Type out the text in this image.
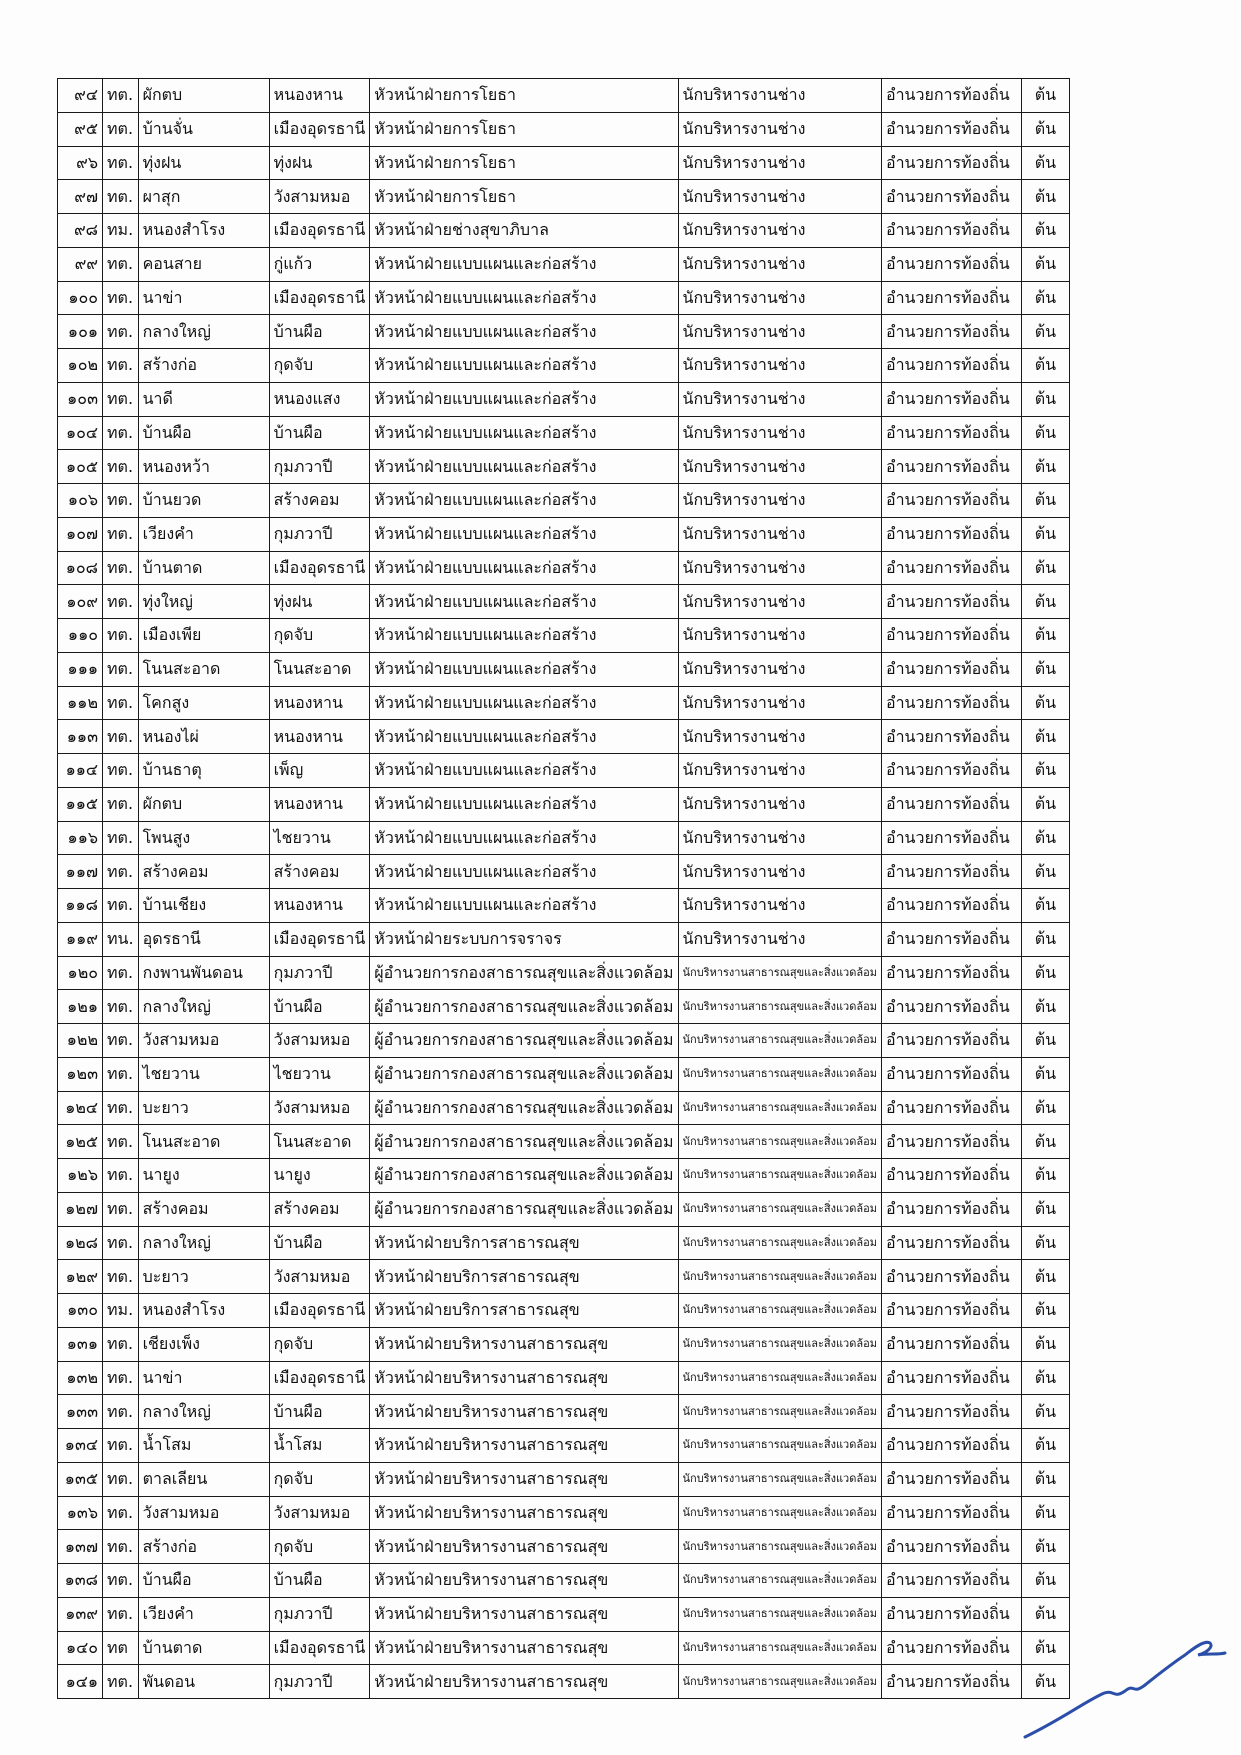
๙๔	ทต.	ผักตบ	หนองหาน	หัวหน้าฝ่ายการโยธา	นักบริหารงานช่าง	อำนวยการท้องถิ่น	ต้น
๙๕	ทต.	บ้านจั่น	เมืองอุดรธานี	หัวหน้าฝ่ายการโยธา	นักบริหารงานช่าง	อำนวยการท้องถิ่น	ต้น
๙๖	ทต.	ทุ่งฝน	ทุ่งฝน	หัวหน้าฝ่ายการโยธา	นักบริหารงานช่าง	อำนวยการท้องถิ่น	ต้น
๙๗	ทต.	ผาสุก	วังสามหมอ	หัวหน้าฝ่ายการโยธา	นักบริหารงานช่าง	อำนวยการท้องถิ่น	ต้น
๙๘	ทม.	หนองสำโรง	เมืองอุดรธานี	หัวหน้าฝ่ายช่างสุขาภิบาล	นักบริหารงานช่าง	อำนวยการท้องถิ่น	ต้น
๙๙	ทต.	คอนสาย	กู่แก้ว	หัวหน้าฝ่ายแบบแผนและก่อสร้าง	นักบริหารงานช่าง	อำนวยการท้องถิ่น	ต้น
๑๐๐	ทต.	นาข่า	เมืองอุดรธานี	หัวหน้าฝ่ายแบบแผนและก่อสร้าง	นักบริหารงานช่าง	อำนวยการท้องถิ่น	ต้น
๑๐๑	ทต.	กลางใหญ่	บ้านผือ	หัวหน้าฝ่ายแบบแผนและก่อสร้าง	นักบริหารงานช่าง	อำนวยการท้องถิ่น	ต้น
๑๐๒	ทต.	สร้างก่อ	กุดจับ	หัวหน้าฝ่ายแบบแผนและก่อสร้าง	นักบริหารงานช่าง	อำนวยการท้องถิ่น	ต้น
๑๐๓	ทต.	นาดี	หนองแสง	หัวหน้าฝ่ายแบบแผนและก่อสร้าง	นักบริหารงานช่าง	อำนวยการท้องถิ่น	ต้น
๑๐๔	ทต.	บ้านผือ	บ้านผือ	หัวหน้าฝ่ายแบบแผนและก่อสร้าง	นักบริหารงานช่าง	อำนวยการท้องถิ่น	ต้น
๑๐๕	ทต.	หนองหว้า	กุมภวาปี	หัวหน้าฝ่ายแบบแผนและก่อสร้าง	นักบริหารงานช่าง	อำนวยการท้องถิ่น	ต้น
๑๐๖	ทต.	บ้านยวด	สร้างคอม	หัวหน้าฝ่ายแบบแผนและก่อสร้าง	นักบริหารงานช่าง	อำนวยการท้องถิ่น	ต้น
๑๐๗	ทต.	เวียงคำ	กุมภวาปี	หัวหน้าฝ่ายแบบแผนและก่อสร้าง	นักบริหารงานช่าง	อำนวยการท้องถิ่น	ต้น
๑๐๘	ทต.	บ้านตาด	เมืองอุดรธานี	หัวหน้าฝ่ายแบบแผนและก่อสร้าง	นักบริหารงานช่าง	อำนวยการท้องถิ่น	ต้น
๑๐๙	ทต.	ทุ่งใหญ่	ทุ่งฝน	หัวหน้าฝ่ายแบบแผนและก่อสร้าง	นักบริหารงานช่าง	อำนวยการท้องถิ่น	ต้น
๑๑๐	ทต.	เมืองเพีย	กุดจับ	หัวหน้าฝ่ายแบบแผนและก่อสร้าง	นักบริหารงานช่าง	อำนวยการท้องถิ่น	ต้น
๑๑๑	ทต.	โนนสะอาด	โนนสะอาด	หัวหน้าฝ่ายแบบแผนและก่อสร้าง	นักบริหารงานช่าง	อำนวยการท้องถิ่น	ต้น
๑๑๒	ทต.	โคกสูง	หนองหาน	หัวหน้าฝ่ายแบบแผนและก่อสร้าง	นักบริหารงานช่าง	อำนวยการท้องถิ่น	ต้น
๑๑๓	ทต.	หนองไผ่	หนองหาน	หัวหน้าฝ่ายแบบแผนและก่อสร้าง	นักบริหารงานช่าง	อำนวยการท้องถิ่น	ต้น
๑๑๔	ทต.	บ้านธาตุ	เพ็ญ	หัวหน้าฝ่ายแบบแผนและก่อสร้าง	นักบริหารงานช่าง	อำนวยการท้องถิ่น	ต้น
๑๑๕	ทต.	ผักตบ	หนองหาน	หัวหน้าฝ่ายแบบแผนและก่อสร้าง	นักบริหารงานช่าง	อำนวยการท้องถิ่น	ต้น
๑๑๖	ทต.	โพนสูง	ไชยวาน	หัวหน้าฝ่ายแบบแผนและก่อสร้าง	นักบริหารงานช่าง	อำนวยการท้องถิ่น	ต้น
๑๑๗	ทต.	สร้างคอม	สร้างคอม	หัวหน้าฝ่ายแบบแผนและก่อสร้าง	นักบริหารงานช่าง	อำนวยการท้องถิ่น	ต้น
๑๑๘	ทต.	บ้านเชียง	หนองหาน	หัวหน้าฝ่ายแบบแผนและก่อสร้าง	นักบริหารงานช่าง	อำนวยการท้องถิ่น	ต้น
๑๑๙	ทน.	อุดรธานี	เมืองอุดรธานี	หัวหน้าฝ่ายระบบการจราจร	นักบริหารงานช่าง	อำนวยการท้องถิ่น	ต้น
๑๒๐	ทต.	กงพานพันดอน	กุมภวาปี	ผู้อำนวยการกองสาธารณสุขและสิ่งแวดล้อม	นักบริหารงานสาธารณสุขและสิ่งแวดล้อม	อำนวยการท้องถิ่น	ต้น
๑๒๑	ทต.	กลางใหญ่	บ้านผือ	ผู้อำนวยการกองสาธารณสุขและสิ่งแวดล้อม	นักบริหารงานสาธารณสุขและสิ่งแวดล้อม	อำนวยการท้องถิ่น	ต้น
๑๒๒	ทต.	วังสามหมอ	วังสามหมอ	ผู้อำนวยการกองสาธารณสุขและสิ่งแวดล้อม	นักบริหารงานสาธารณสุขและสิ่งแวดล้อม	อำนวยการท้องถิ่น	ต้น
๑๒๓	ทต.	ไชยวาน	ไชยวาน	ผู้อำนวยการกองสาธารณสุขและสิ่งแวดล้อม	นักบริหารงานสาธารณสุขและสิ่งแวดล้อม	อำนวยการท้องถิ่น	ต้น
๑๒๔	ทต.	บะยาว	วังสามหมอ	ผู้อำนวยการกองสาธารณสุขและสิ่งแวดล้อม	นักบริหารงานสาธารณสุขและสิ่งแวดล้อม	อำนวยการท้องถิ่น	ต้น
๑๒๕	ทต.	โนนสะอาด	โนนสะอาด	ผู้อำนวยการกองสาธารณสุขและสิ่งแวดล้อม	นักบริหารงานสาธารณสุขและสิ่งแวดล้อม	อำนวยการท้องถิ่น	ต้น
๑๒๖	ทต.	นายูง	นายูง	ผู้อำนวยการกองสาธารณสุขและสิ่งแวดล้อม	นักบริหารงานสาธารณสุขและสิ่งแวดล้อม	อำนวยการท้องถิ่น	ต้น
๑๒๗	ทต.	สร้างคอม	สร้างคอม	ผู้อำนวยการกองสาธารณสุขและสิ่งแวดล้อม	นักบริหารงานสาธารณสุขและสิ่งแวดล้อม	อำนวยการท้องถิ่น	ต้น
๑๒๘	ทต.	กลางใหญ่	บ้านผือ	หัวหน้าฝ่ายบริการสาธารณสุข	นักบริหารงานสาธารณสุขและสิ่งแวดล้อม	อำนวยการท้องถิ่น	ต้น
๑๒๙	ทต.	บะยาว	วังสามหมอ	หัวหน้าฝ่ายบริการสาธารณสุข	นักบริหารงานสาธารณสุขและสิ่งแวดล้อม	อำนวยการท้องถิ่น	ต้น
๑๓๐	ทม.	หนองสำโรง	เมืองอุดรธานี	หัวหน้าฝ่ายบริการสาธารณสุข	นักบริหารงานสาธารณสุขและสิ่งแวดล้อม	อำนวยการท้องถิ่น	ต้น
๑๓๑	ทต.	เชียงเพ็ง	กุดจับ	หัวหน้าฝ่ายบริหารงานสาธารณสุข	นักบริหารงานสาธารณสุขและสิ่งแวดล้อม	อำนวยการท้องถิ่น	ต้น
๑๓๒	ทต.	นาข่า	เมืองอุดรธานี	หัวหน้าฝ่ายบริหารงานสาธารณสุข	นักบริหารงานสาธารณสุขและสิ่งแวดล้อม	อำนวยการท้องถิ่น	ต้น
๑๓๓	ทต.	กลางใหญ่	บ้านผือ	หัวหน้าฝ่ายบริหารงานสาธารณสุข	นักบริหารงานสาธารณสุขและสิ่งแวดล้อม	อำนวยการท้องถิ่น	ต้น
๑๓๔	ทต.	น้ำโสม	น้ำโสม	หัวหน้าฝ่ายบริหารงานสาธารณสุข	นักบริหารงานสาธารณสุขและสิ่งแวดล้อม	อำนวยการท้องถิ่น	ต้น
๑๓๕	ทต.	ตาลเลียน	กุดจับ	หัวหน้าฝ่ายบริหารงานสาธารณสุข	นักบริหารงานสาธารณสุขและสิ่งแวดล้อม	อำนวยการท้องถิ่น	ต้น
๑๓๖	ทต.	วังสามหมอ	วังสามหมอ	หัวหน้าฝ่ายบริหารงานสาธารณสุข	นักบริหารงานสาธารณสุขและสิ่งแวดล้อม	อำนวยการท้องถิ่น	ต้น
๑๓๗	ทต.	สร้างก่อ	กุดจับ	หัวหน้าฝ่ายบริหารงานสาธารณสุข	นักบริหารงานสาธารณสุขและสิ่งแวดล้อม	อำนวยการท้องถิ่น	ต้น
๑๓๘	ทต.	บ้านผือ	บ้านผือ	หัวหน้าฝ่ายบริหารงานสาธารณสุข	นักบริหารงานสาธารณสุขและสิ่งแวดล้อม	อำนวยการท้องถิ่น	ต้น
๑๓๙	ทต.	เวียงคำ	กุมภวาปี	หัวหน้าฝ่ายบริหารงานสาธารณสุข	นักบริหารงานสาธารณสุขและสิ่งแวดล้อม	อำนวยการท้องถิ่น	ต้น
๑๔๐	ทต	บ้านตาด	เมืองอุดรธานี	หัวหน้าฝ่ายบริหารงานสาธารณสุข	นักบริหารงานสาธารณสุขและสิ่งแวดล้อม	อำนวยการท้องถิ่น	ต้น
๑๔๑	ทต.	พันดอน	กุมภวาปี	หัวหน้าฝ่ายบริหารงานสาธารณสุข	นักบริหารงานสาธารณสุขและสิ่งแวดล้อม	อำนวยการท้องถิ่น	ต้น
